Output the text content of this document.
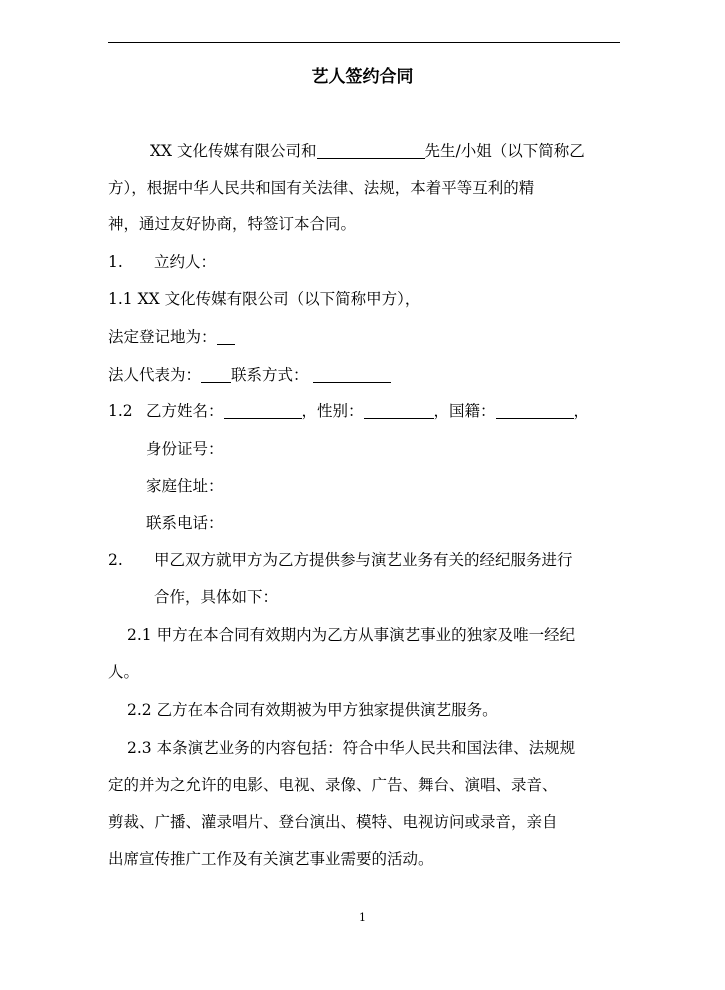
艺人签约合同
XX 文化传媒有限公司和	先生/小姐（以下简称乙
方），根据中华人民共和国有关法律、法规，本着平等互利的精
神，通过友好协商，特签订本合同。
1. 立约人：
1.1 XX 文化传媒有限公司（以下简称甲方），
法定登记地为：
法人代表为： 联系方式：
1.2 乙方姓名：	，性别：	，国籍：	，
身份证号：
家庭住址：
联系电话：
2. 甲乙双方就甲方为乙方提供参与演艺业务有关的经纪服务进行
合作，具体如下：
2.1 甲方在本合同有效期内为乙方从事演艺事业的独家及唯一经纪
人。
2.2 乙方在本合同有效期被为甲方独家提供演艺服务。
2.3 本条演艺业务的内容包括：符合中华人民共和国法律、法规规
定的并为之允许的电影、电视、录像、广告、舞台、演唱、录音、
剪裁、广播、灌录唱片、登台演出、模特、电视访问或录音，亲自
出席宣传推广工作及有关演艺事业需要的活动。
1
